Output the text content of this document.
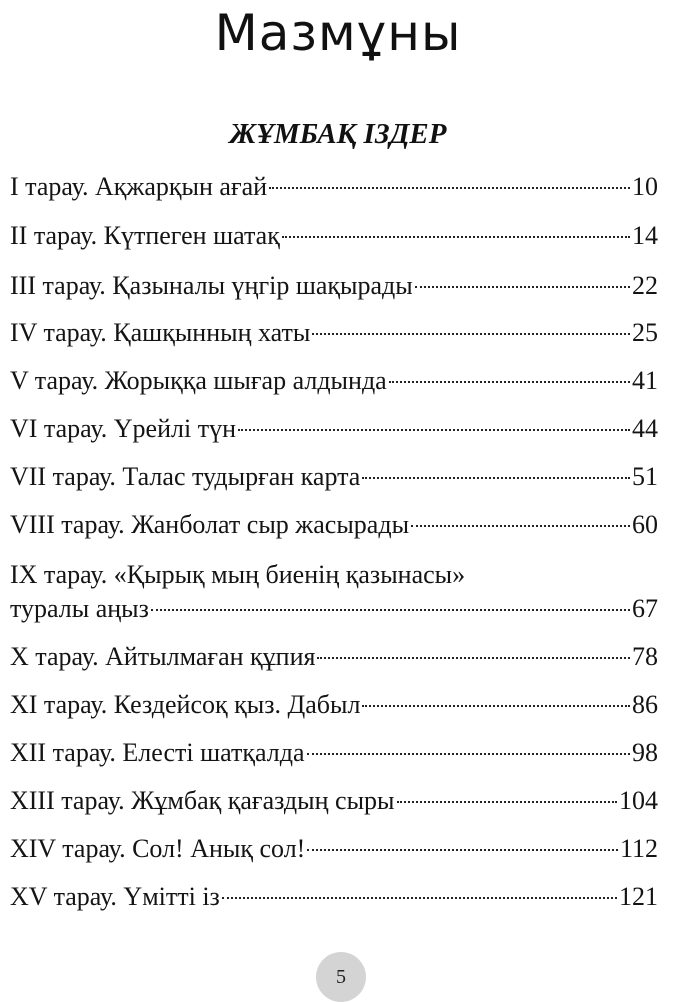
Мазмұны
ЖҰМБАҚ ІЗДЕР
I тарау. Ақжарқын ағай	10
II тарау. Күтпеген шатақ	14
III тарау. Қазыналы үңгір шақырады	22
IV тарау. Қашқынның хаты	25
V тарау. Жорыққа шығар алдында	41
VI тарау. Үрейлі түн	44
VII тарау. Талас тудырған карта	51
VIII тарау. Жанболат сыр жасырады	60
IX тарау. «Қырық мың биенің қазынасы»
туралы аңыз	67
X тарау. Айтылмаған құпия	78
XI тарау. Кездейсоқ қыз. Дабыл	86
XII тарау. Елесті шатқалда	98
XIII тарау. Жұмбақ қағаздың сыры	104
XIV тарау. Сол! Анық сол!	112
XV тарау. Үмітті із	121
5
